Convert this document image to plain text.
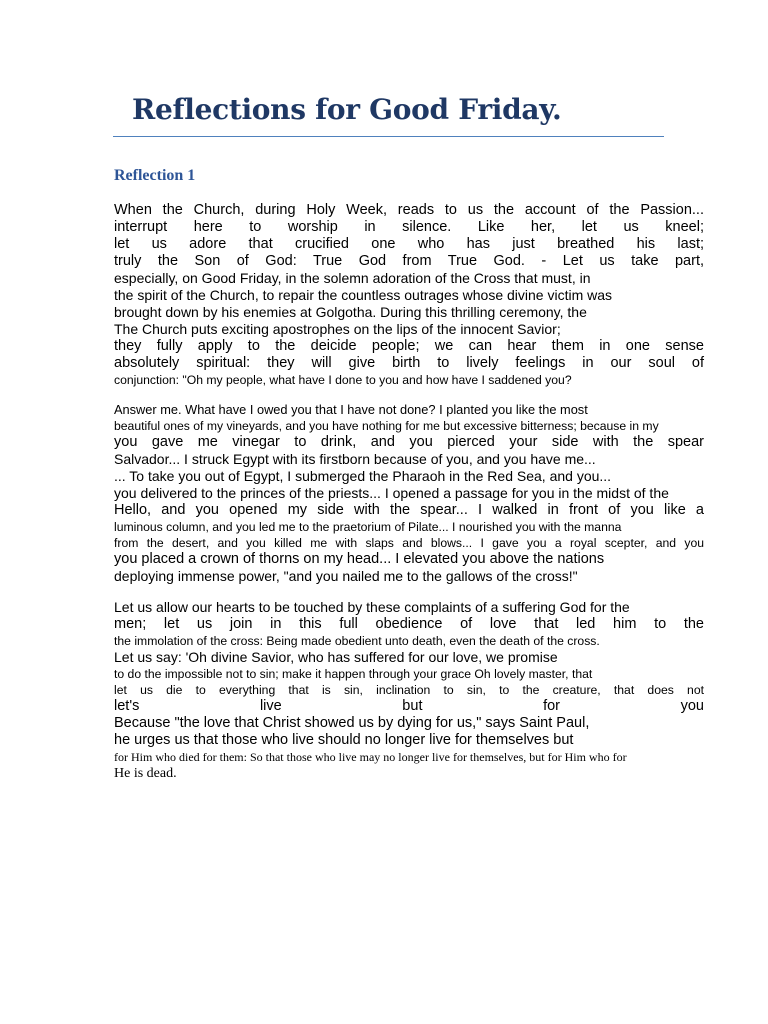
Reflections for Good Friday.
Reflection 1
When the Church, during Holy Week, reads to us the account of the Passion...
interrupt here to worship in silence. Like her, let us kneel;
let us adore that crucified one who has just breathed his last;
truly the Son of God: True God from True God. - Let us take part,
especially, on Good Friday, in the solemn adoration of the Cross that must, in
the spirit of the Church, to repair the countless outrages whose divine victim was
brought down by his enemies at Golgotha. During this thrilling ceremony, the
The Church puts exciting apostrophes on the lips of the innocent Savior;
they fully apply to the deicide people; we can hear them in one sense
absolutely spiritual: they will give birth to lively feelings in our soul of
conjunction: "Oh my people, what have I done to you and how have I saddened you?
Answer me. What have I owed you that I have not done? I planted you like the most
beautiful ones of my vineyards, and you have nothing for me but excessive bitterness; because in my
you gave me vinegar to drink, and you pierced your side with the spear
Salvador... I struck Egypt with its firstborn because of you, and you have me...
... To take you out of Egypt, I submerged the Pharaoh in the Red Sea, and you...
you delivered to the princes of the priests... I opened a passage for you in the midst of the
Hello, and you opened my side with the spear... I walked in front of you like a
luminous column, and you led me to the praetorium of Pilate... I nourished you with the manna
from the desert, and you killed me with slaps and blows... I gave you a royal scepter, and you
you placed a crown of thorns on my head... I elevated you above the nations
deploying immense power, "and you nailed me to the gallows of the cross!"
Let us allow our hearts to be touched by these complaints of a suffering God for the
men; let us join in this full obedience of love that led him to the
the immolation of the cross: Being made obedient unto death, even the death of the cross.
Let us say: 'Oh divine Savior, who has suffered for our love, we promise
to do the impossible not to sin; make it happen through your grace Oh lovely master, that
let us die to everything that is sin, inclination to sin, to the creature, that does not
let's live but for you
Because "the love that Christ showed us by dying for us," says Saint Paul,
he urges us that those who live should no longer live for themselves but
for Him who died for them: So that those who live may no longer live for themselves, but for Him who for
He is dead.
